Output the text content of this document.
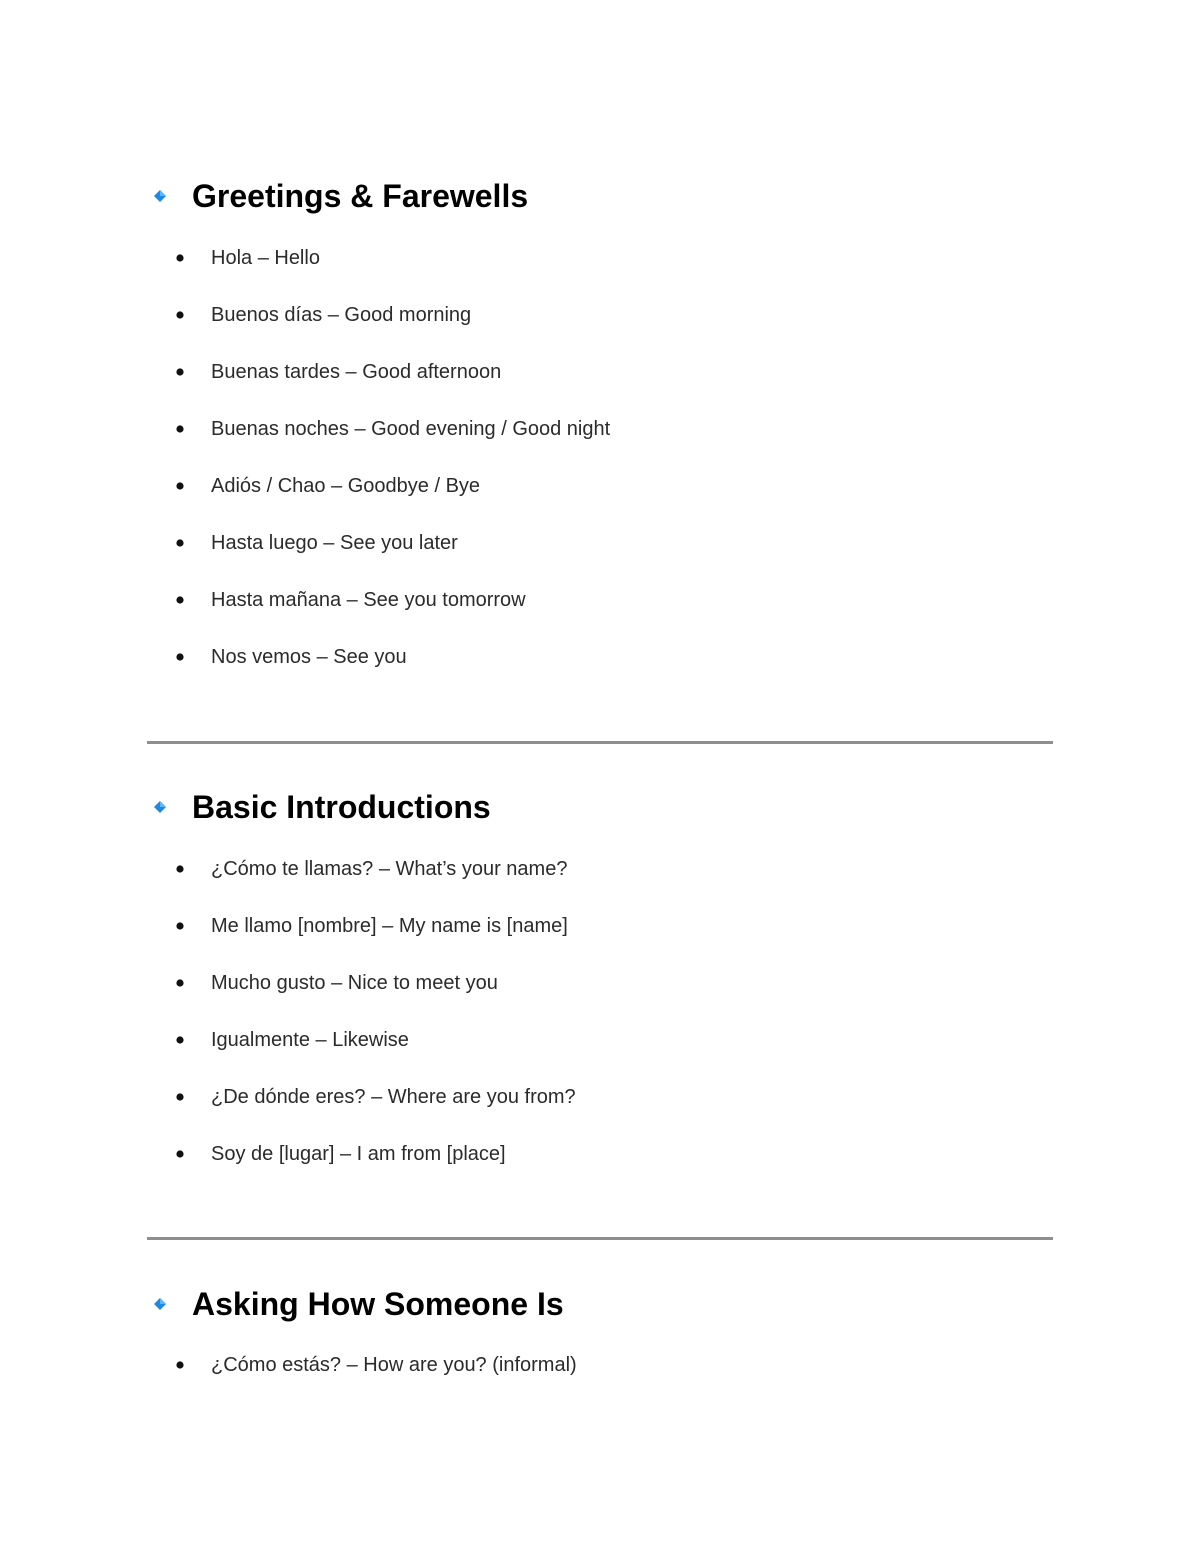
Greetings & Farewells
Hola – Hello
Buenos días – Good morning
Buenas tardes – Good afternoon
Buenas noches – Good evening / Good night
Adiós / Chao – Goodbye / Bye
Hasta luego – See you later
Hasta mañana – See you tomorrow
Nos vemos – See you
Basic Introductions
¿Cómo te llamas? – What’s your name?
Me llamo [nombre] – My name is [name]
Mucho gusto – Nice to meet you
Igualmente – Likewise
¿De dónde eres? – Where are you from?
Soy de [lugar] – I am from [place]
Asking How Someone Is
¿Cómo estás? – How are you? (informal)
